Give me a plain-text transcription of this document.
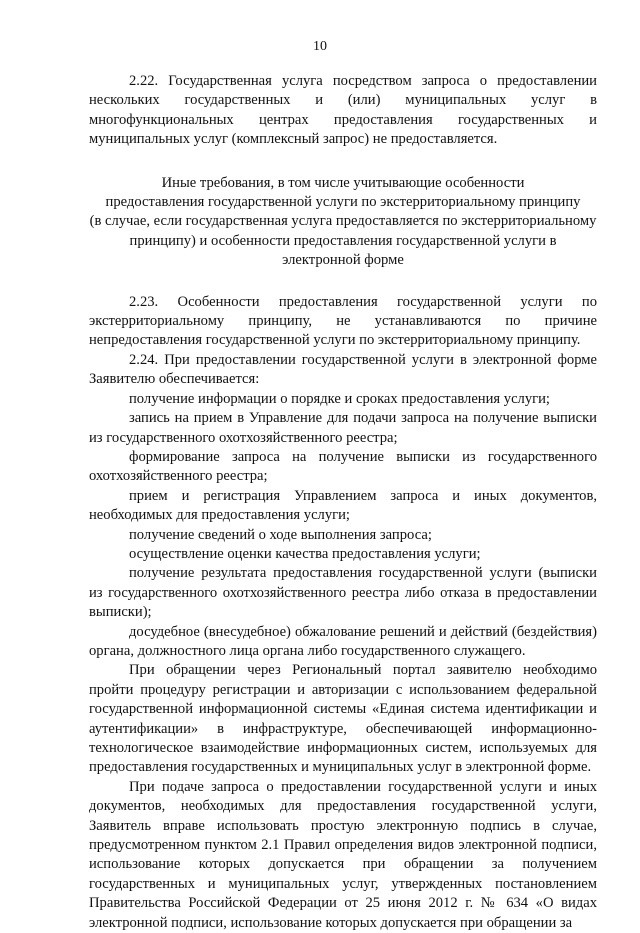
10

2.22. Государственная услуга посредством запроса о предоставлении нескольких государственных и (или) муниципальных услуг в многофункциональных центрах предоставления государственных и муниципальных услуг (комплексный запрос) не предоставляется.

Иные требования, в том числе учитывающие особенности
предоставления государственной услуги по экстерриториальному принципу
(в случае, если государственная услуга предоставляется по экстерриториальному
принципу) и особенности предоставления государственной услуги в
электронной форме

2.23. Особенности предоставления государственной услуги по экстерриториальному принципу, не устанавливаются по причине непредоставления государственной услуги по экстерриториальному принципу.

2.24. При предоставлении государственной услуги в электронной форме Заявителю обеспечивается:

получение информации о порядке и сроках предоставления услуги;

запись на прием в Управление для подачи запроса на получение выписки из государственного охотхозяйственного реестра;

формирование запроса на получение выписки из государственного охотхозяйственного реестра;

прием и регистрация Управлением запроса и иных документов, необходимых для предоставления услуги;

получение сведений о ходе выполнения запроса;

осуществление оценки качества предоставления услуги;

получение результата предоставления государственной услуги (выписки из государственного охотхозяйственного реестра либо отказа в предоставлении выписки);

досудебное (внесудебное) обжалование решений и действий (бездействия) органа, должностного лица органа либо государственного служащего.

При обращении через Региональный портал заявителю необходимо пройти процедуру регистрации и авторизации с использованием федеральной государственной информационной системы «Единая система идентификации и аутентификации» в инфраструктуре, обеспечивающей информационно-технологическое взаимодействие информационных систем, используемых для предоставления государственных и муниципальных услуг в электронной форме.

При подаче запроса о предоставлении государственной услуги и иных документов, необходимых для предоставления государственной услуги, Заявитель вправе использовать простую электронную подпись в случае, предусмотренном пунктом 2.1 Правил определения видов электронной подписи, использование которых допускается при обращении за получением государственных и муниципальных услуг, утвержденных постановлением Правительства Российской Федерации от 25 июня 2012 г. № 634 «О видах электронной подписи, использование которых допускается при обращении за
